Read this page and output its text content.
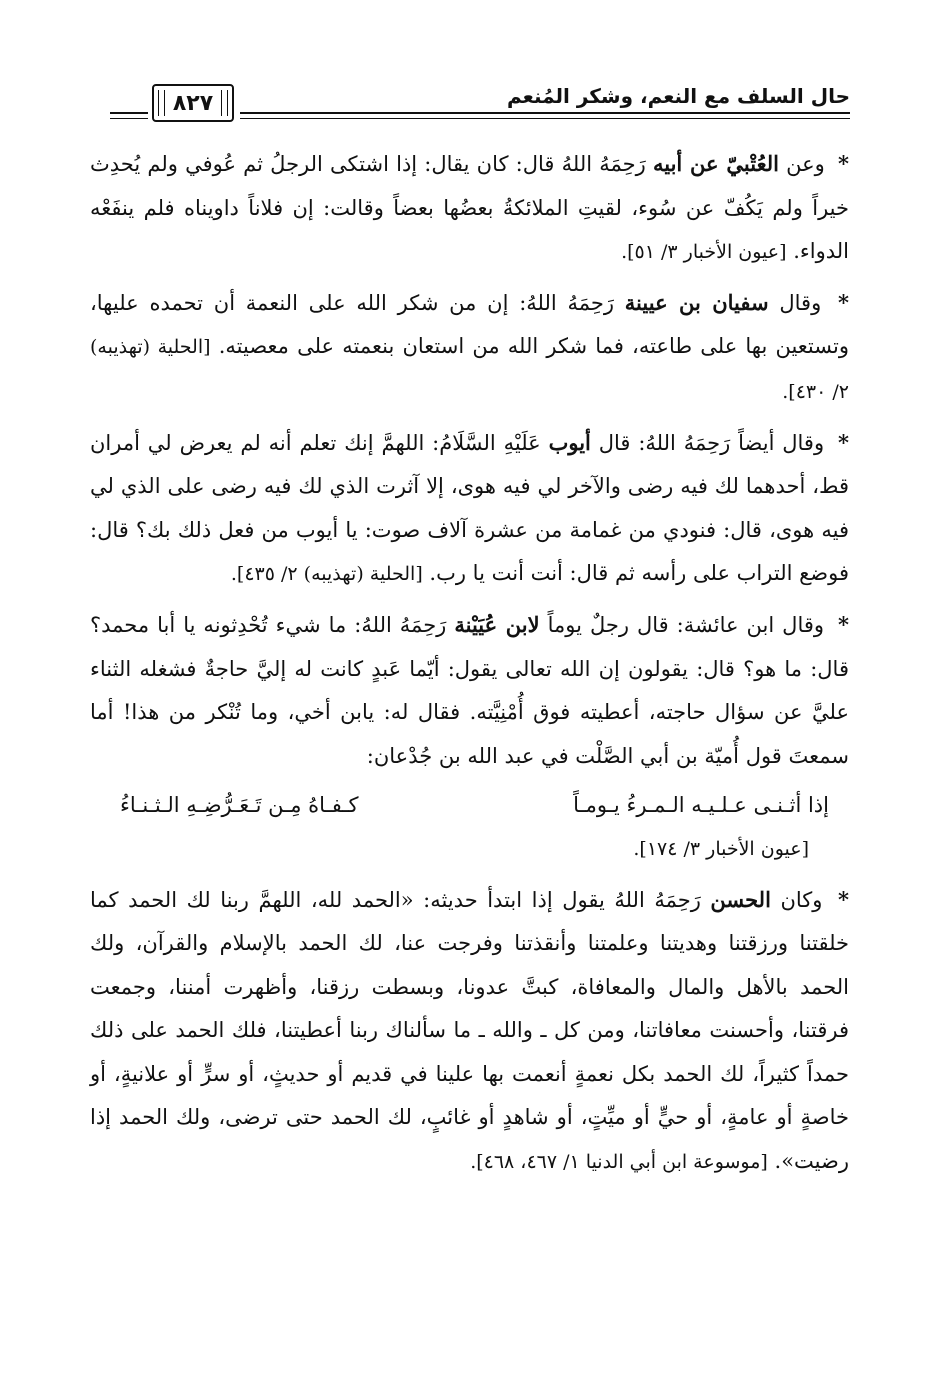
حال السلف مع النعم، وشكر المُنعم
٨٢٧

* وعن العُتْبيّ عن أبيه رَحِمَهُ اللهُ قال: كان يقال: إذا اشتكى الرجلُ ثم عُوفي ولم يُحدِث خيراً ولم يَكُفّ عن سُوء، لقيتِ الملائكةُ بعضُها بعضاً وقالت: إن فلاناً داويناه فلم ينفَعْه الدواء. [عيون الأخبار ٣/ ٥١].

* وقال سفيان بن عيينة رَحِمَهُ اللهُ: إن من شكر الله على النعمة أن تحمده عليها، وتستعين بها على طاعته، فما شكر الله من استعان بنعمته على معصيته. [الحلية (تهذيبه) ٢/ ٤٣٠].

* وقال أيضاً رَحِمَهُ اللهُ: قال أيوب عَلَيْهِ السَّلَامُ: اللهمَّ إنك تعلم أنه لم يعرض لي أمران قط، أحدهما لك فيه رضى والآخر لي فيه هوى، إلا آثرت الذي لك فيه رضى على الذي لي فيه هوى، قال: فنودي من غمامة من عشرة آلاف صوت: يا أيوب من فعل ذلك بك؟ قال: فوضع التراب على رأسه ثم قال: أنت أنت يا رب. [الحلية (تهذيبه) ٢/ ٤٣٥].

* وقال ابن عائشة: قال رجلٌ يوماً لابن عُيَيْنة رَحِمَهُ اللهُ: ما شيء تُحْدِثونه يا أبا محمد؟ قال: ما هو؟ قال: يقولون إن الله تعالى يقول: أيّما عَبدٍ كانت له إليَّ حاجةٌ فشغله الثناء عليَّ عن سؤال حاجته، أعطيته فوق أُمْنِيَّته. فقال له: يابن أخي، وما تُنْكر من هذا! أما سمعتَ قول أُميّة بن أبي الصَّلْت في عبد الله بن جُدْعان:

إذا أثـنـى عـلـيـه الـمـرءُ يـومـاً
كـفـاهُ مِـن تَـعَـرُّضِـهِ الـثـنـاءُ

[عيون الأخبار ٣/ ١٧٤].

* وكان الحسن رَحِمَهُ اللهُ يقول إذا ابتدأ حديثه: «الحمد لله، اللهمَّ ربنا لك الحمد كما خلقتنا ورزقتنا وهديتنا وعلمتنا وأنقذتنا وفرجت عنا، لك الحمد بالإسلام والقرآن، ولك الحمد بالأهل والمال والمعافاة، كبتَّ عدونا، وبسطت رزقنا، وأظهرت أمننا، وجمعت فرقتنا، وأحسنت معافاتنا، ومن كل ـ والله ـ ما سألناك ربنا أعطيتنا، فلك الحمد على ذلك حمداً كثيراً، لك الحمد بكل نعمةٍ أنعمت بها علينا في قديم أو حديثٍ، أو سرٍّ أو علانيةٍ، أو خاصةٍ أو عامةٍ، أو حيٍّ أو ميِّتٍ، أو شاهدٍ أو غائبٍ، لك الحمد حتى ترضى، ولك الحمد إذا رضيت». [موسوعة ابن أبي الدنيا ١/ ٤٦٧، ٤٦٨].
